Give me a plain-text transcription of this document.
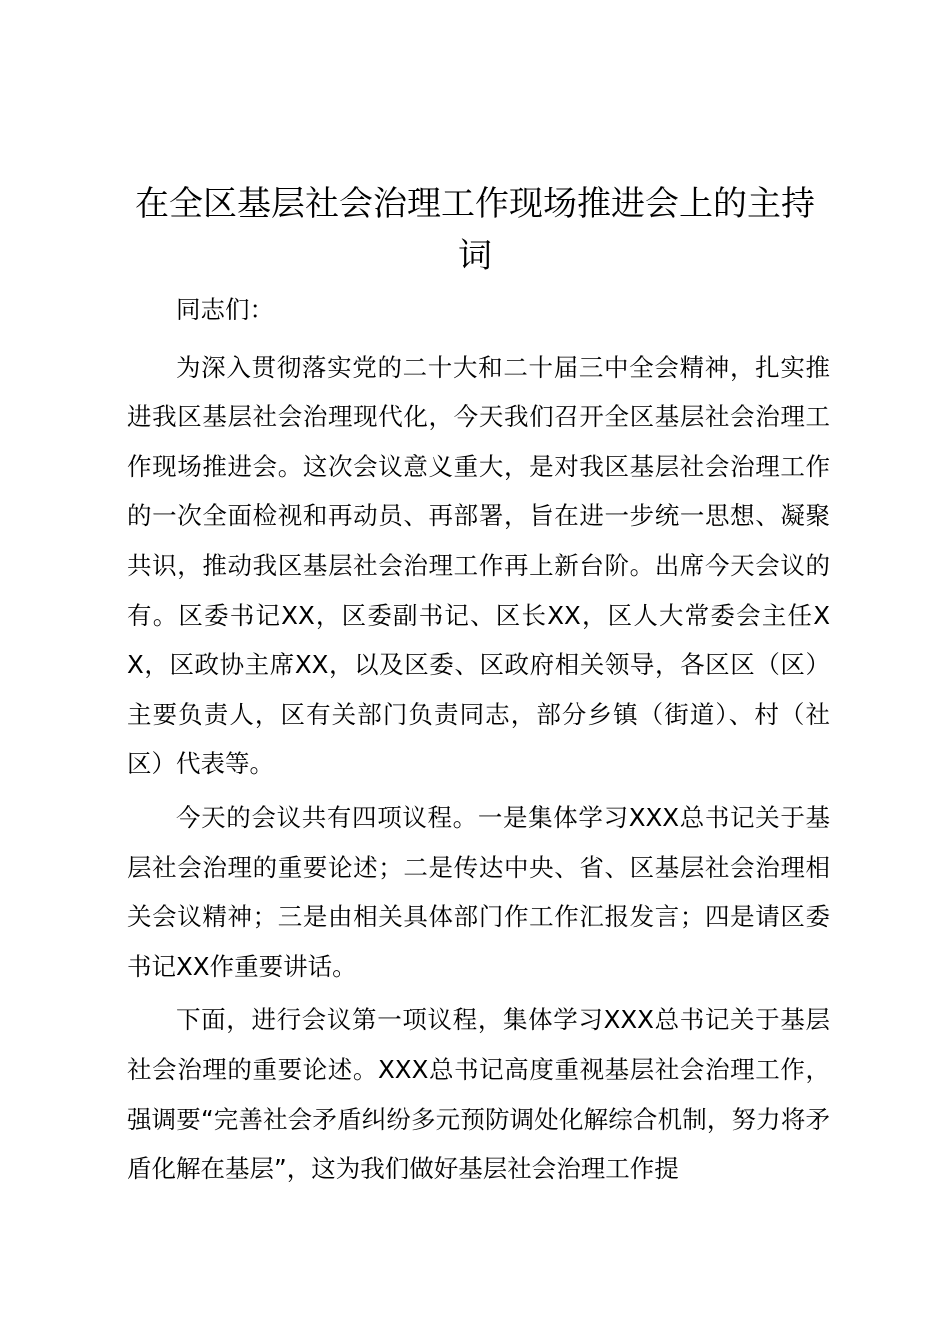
在全区基层社会治理工作现场推进会上的主持词

同志们：

为深入贯彻落实党的二十大和二十届三中全会精神，扎实推进我区基层社会治理现代化，今天我们召开全区基层社会治理工作现场推进会。这次会议意义重大，是对我区基层社会治理工作的一次全面检视和再动员、再部署，旨在进一步统一思想、凝聚共识，推动我区基层社会治理工作再上新台阶。出席今天会议的有。区委书记XX，区委副书记、区长XX，区人大常委会主任XX，区政协主席XX，以及区委、区政府相关领导，各区区（区）主要负责人，区有关部门负责同志，部分乡镇（街道）、村（社区）代表等。

今天的会议共有四项议程。一是集体学习XXX总书记关于基层社会治理的重要论述；二是传达中央、省、区基层社会治理相关会议精神；三是由相关具体部门作工作汇报发言；四是请区委书记XX作重要讲话。

下面，进行会议第一项议程，集体学习XXX总书记关于基层社会治理的重要论述。XXX总书记高度重视基层社会治理工作，强调要“完善社会矛盾纠纷多元预防调处化解综合机制，努力将矛盾化解在基层”，这为我们做好基层社会治理工作提
